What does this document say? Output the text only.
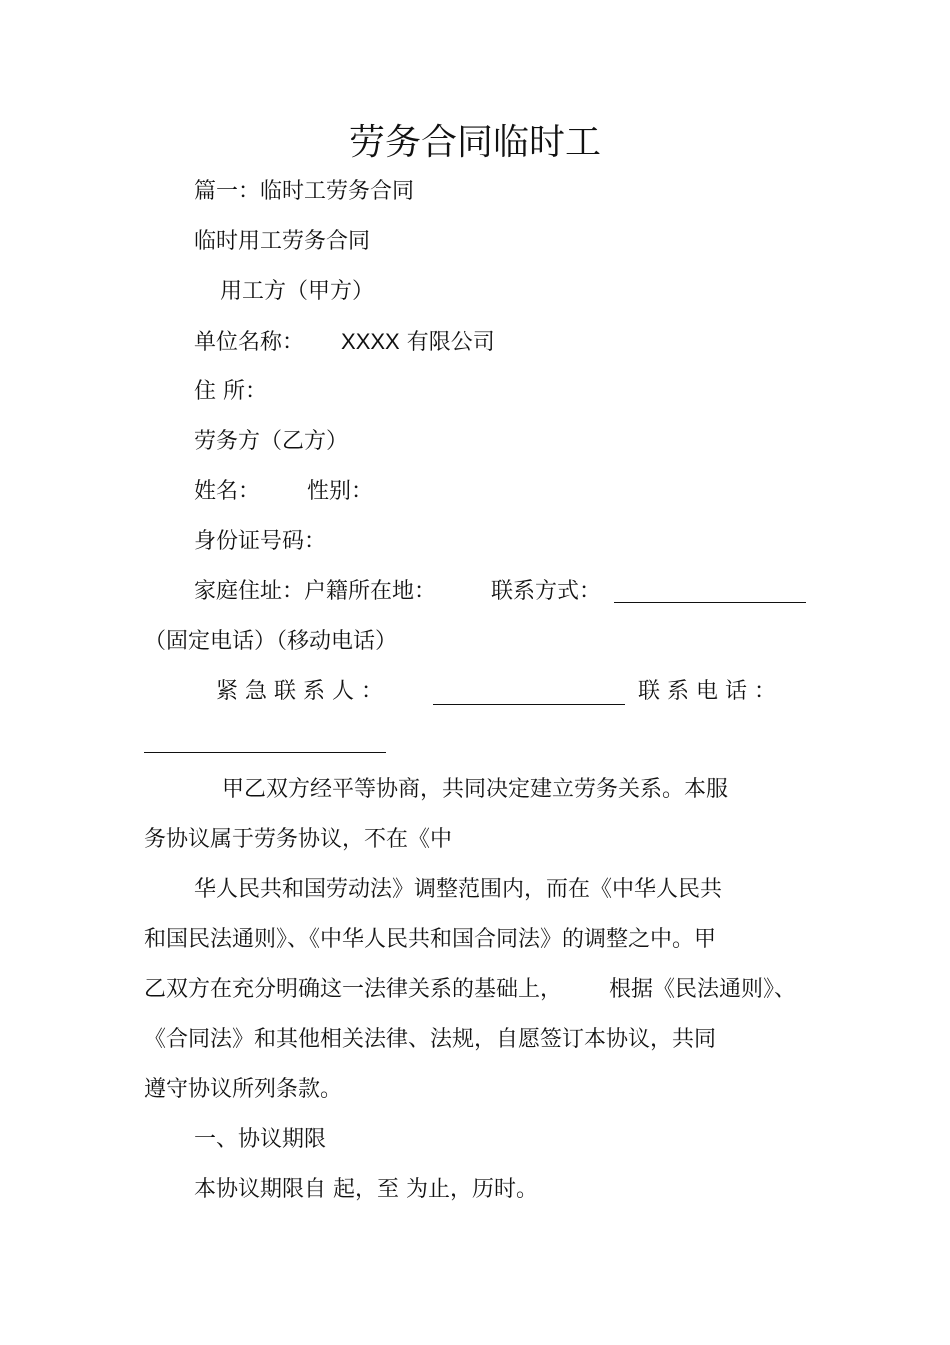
劳务合同临时工

篇一：临时工劳务合同

临时用工劳务合同

用工方（甲方）

单位名称： XXXX 有限公司

住 所：

劳务方（乙方）

姓名： 性别：

身份证号码：

家庭住址：户籍所在地：	联系方式：

（固定电话）（移动电话）

紧 急 联 系 人 ：	联 系 电 话 ：

甲乙双方经平等协商，共同决定建立劳务关系。本服

务协议属于劳务协议，不在《中

华人民共和国劳动法》调整范围内，而在《中华人民共

和国民法通则》、《中华人民共和国合同法》的调整之中。甲

乙双方在充分明确这一法律关系的基础上， 根据《民法通则》、

《合同法》和其他相关法律、法规，自愿签订本协议，共同

遵守协议所列条款。

一、协议期限

本协议期限自 起，至 为止，历时。
